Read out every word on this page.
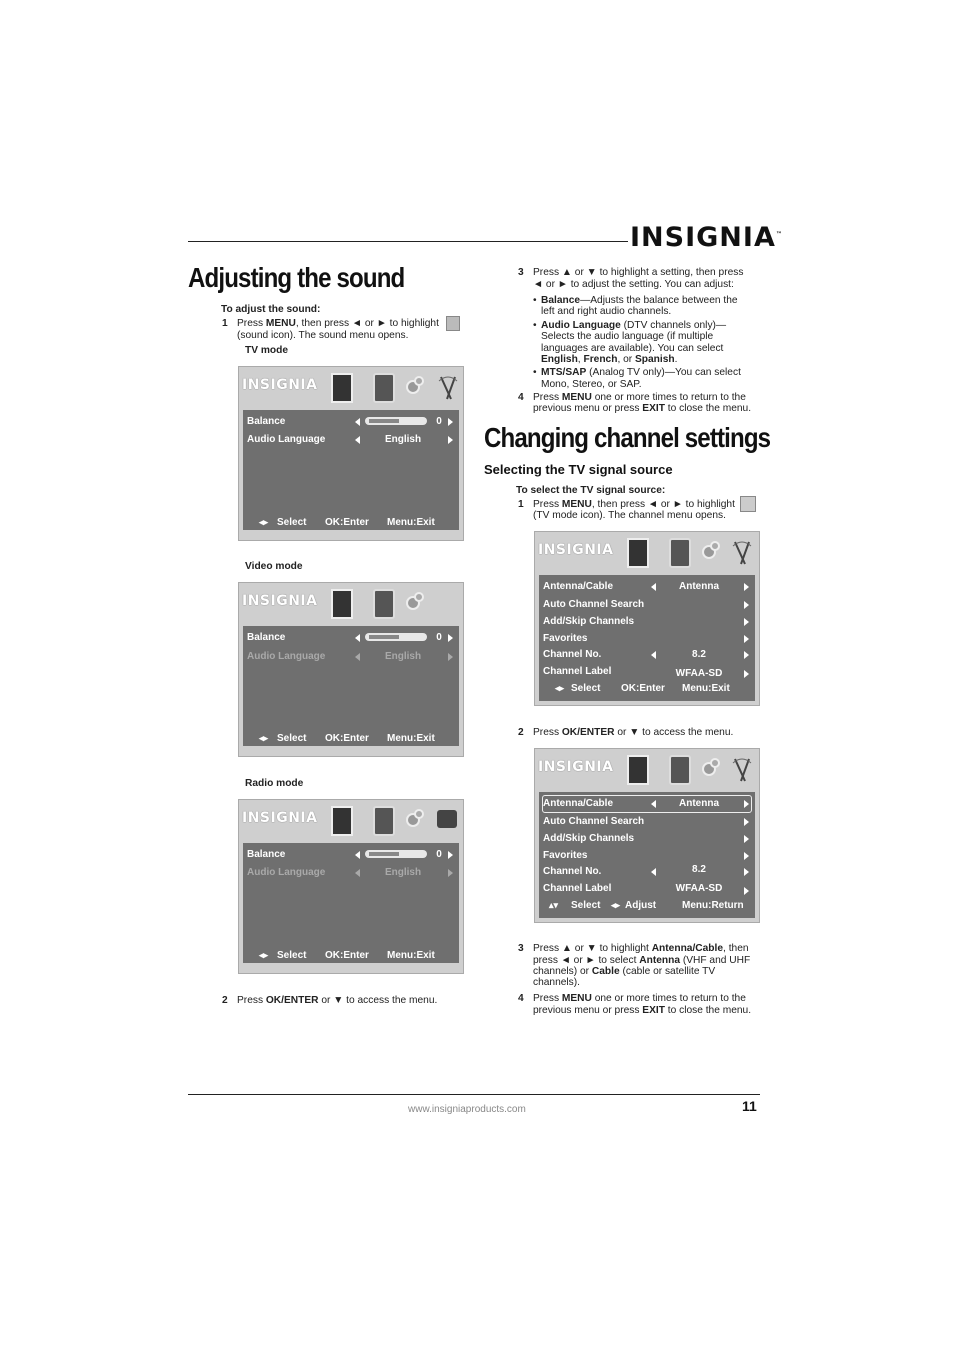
INSIGNIA™
Adjusting the sound
To adjust the sound:
1 Press MENU, then press ◄ or ► to highlight
(sound icon). The sound menu opens.
TV mode
INSIGNIA
Balance	0
Audio Language	English
◂▸ Select OK:Enter Menu:Exit
Video mode
INSIGNIA
Balance	0
Audio Language	English
◂▸ Select OK:Enter Menu:Exit
Radio mode
INSIGNIA
Balance	0
Audio Language	English
◂▸ Select OK:Enter Menu:Exit
2 Press OK/ENTER or ▼ to access the menu.
3 Press ▲ or ▼ to highlight a setting, then press
◄ or ► to adjust the setting. You can adjust:
• Balance—Adjusts the balance between the
left and right audio channels.
• Audio Language (DTV channels only)—
Selects the audio language (if multiple
languages are available). You can select
English, French, or Spanish.
• MTS/SAP (Analog TV only)—You can select
Mono, Stereo, or SAP.
4 Press MENU one or more times to return to the
previous menu or press EXIT to close the menu.
Changing channel settings
Selecting the TV signal source
To select the TV signal source:
1 Press MENU, then press ◄ or ► to highlight
(TV mode icon). The channel menu opens.
INSIGNIA
Antenna/Cable	Antenna
Auto Channel Search
Add/Skip Channels
Favorites
Channel No.	8.2
Channel Label	WFAA-SD
◂▸ Select OK:Enter Menu:Exit
2 Press OK/ENTER or ▼ to access the menu.
INSIGNIA
Antenna/Cable	Antenna
Auto Channel Search
Add/Skip Channels
Favorites
Channel No.	8.2
Channel Label	WFAA-SD
▴▾ Select ◂▸ Adjust	Menu:Return
3 Press ▲ or ▼ to highlight Antenna/Cable, then
press ◄ or ► to select Antenna (VHF and UHF
channels) or Cable (cable or satellite TV
channels).
4 Press MENU one or more times to return to the
previous menu or press EXIT to close the menu.
www.insigniaproducts.com	11
